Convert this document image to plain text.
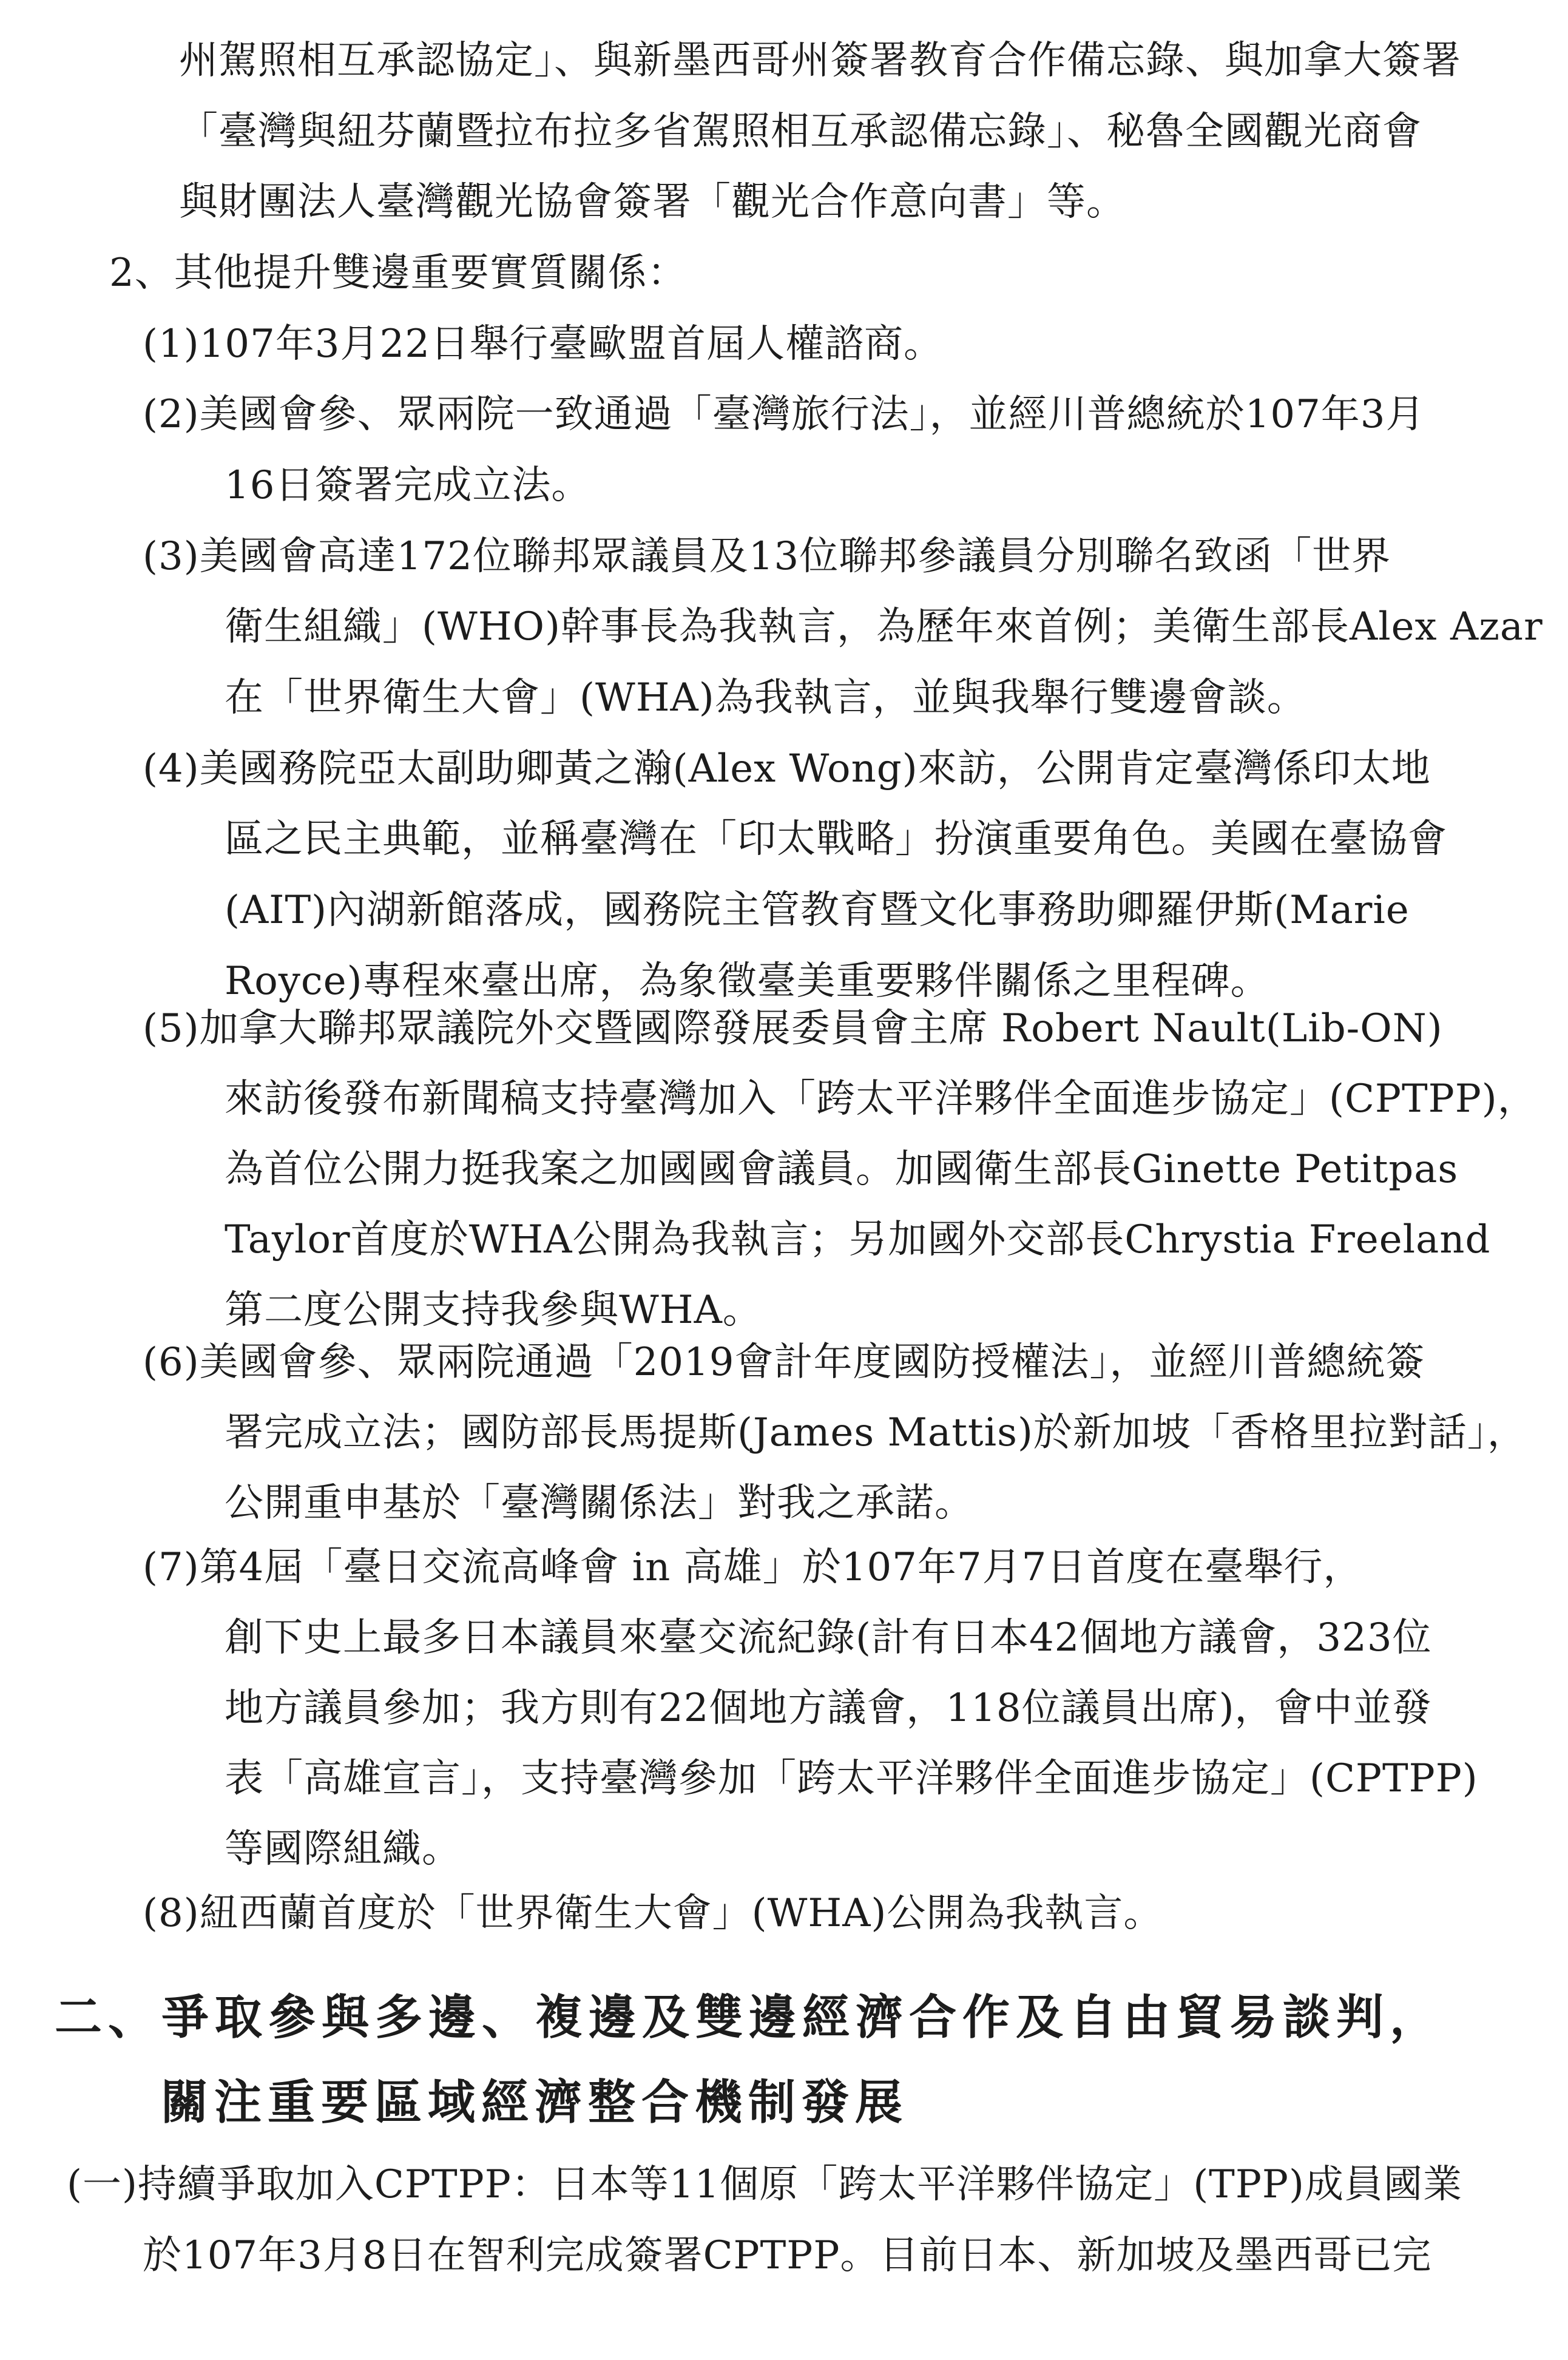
州駕照相互承認協定」、與新墨西哥州簽署教育合作備忘錄、與加拿大簽署
「臺灣與紐芬蘭暨拉布拉多省駕照相互承認備忘錄」、秘魯全國觀光商會
與財團法人臺灣觀光協會簽署「觀光合作意向書」等。
2、其他提升雙邊重要實質關係：
(1)107年3月22日舉行臺歐盟首屆人權諮商。
(2)美國會參、眾兩院一致通過「臺灣旅行法」，並經川普總統於107年3月
16日簽署完成立法。
(3)美國會高達172位聯邦眾議員及13位聯邦參議員分別聯名致函「世界
衛生組織」(WHO)幹事長為我執言，為歷年來首例；美衛生部長Alex Azar
在「世界衛生大會」(WHA)為我執言，並與我舉行雙邊會談。
(4)美國務院亞太副助卿黃之瀚(Alex Wong)來訪，公開肯定臺灣係印太地
區之民主典範，並稱臺灣在「印太戰略」扮演重要角色。美國在臺協會
(AIT)內湖新館落成，國務院主管教育暨文化事務助卿羅伊斯(Marie
Royce)專程來臺出席，為象徵臺美重要夥伴關係之里程碑。
(5)加拿大聯邦眾議院外交暨國際發展委員會主席 Robert Nault(Lib-ON)
來訪後發布新聞稿支持臺灣加入「跨太平洋夥伴全面進步協定」(CPTPP)，
為首位公開力挺我案之加國國會議員。加國衛生部長Ginette Petitpas
Taylor首度於WHA公開為我執言；另加國外交部長Chrystia Freeland
第二度公開支持我參與WHA。
(6)美國會參、眾兩院通過「2019會計年度國防授權法」，並經川普總統簽
署完成立法；國防部長馬提斯(James Mattis)於新加坡「香格里拉對話」，
公開重申基於「臺灣關係法」對我之承諾。
(7)第4屆「臺日交流高峰會 in 高雄」於107年7月7日首度在臺舉行，
創下史上最多日本議員來臺交流紀錄(計有日本42個地方議會，323位
地方議員參加；我方則有22個地方議會，118位議員出席)，會中並發
表「高雄宣言」，支持臺灣參加「跨太平洋夥伴全面進步協定」(CPTPP)
等國際組織。
(8)紐西蘭首度於「世界衛生大會」(WHA)公開為我執言。
二、爭取參與多邊、複邊及雙邊經濟合作及自由貿易談判，
關注重要區域經濟整合機制發展
(一)持續爭取加入CPTPP：日本等11個原「跨太平洋夥伴協定」(TPP)成員國業
於107年3月8日在智利完成簽署CPTPP。目前日本、新加坡及墨西哥已完
